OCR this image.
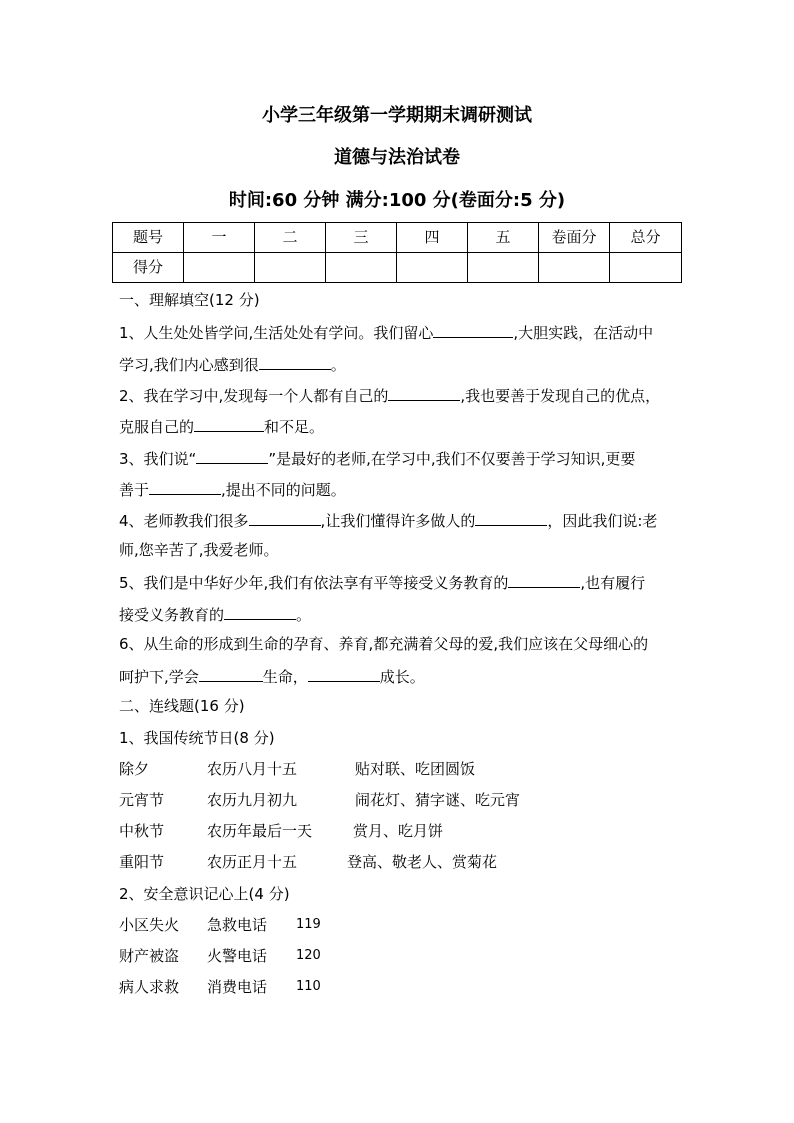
小学三年级第一学期期末调研测试
道德与法治试卷
时间:60 分钟 满分:100 分(卷面分:5 分)
题号	一	二	三	四	五	卷面分	总分
得分							
一、理解填空(12 分)
1、人生处处皆学问,生活处处有学问。我们留心	,大胆实践，在活动中
学习,我们内心感到很	。
2、我在学习中,发现每一个人都有自己的	,我也要善于发现自己的优点，
克服自己的	和不足。
3、我们说“	”是最好的老师,在学习中,我们不仅要善于学习知识,更要
善于	,提出不同的问题。
4、老师教我们很多	,让我们懂得许多做人的	，因此我们说:老
师,您辛苦了,我爱老师。
5、我们是中华好少年,我们有依法享有平等接受义务教育的	,也有履行
接受义务教育的	。
6、从生命的形成到生命的孕育、养育,都充满着父母的爱,我们应该在父母细心的
呵护下,学会	生命，	成长。
二、连线题(16 分)
1、我国传统节日(8 分)
除夕	农历八月十五	贴对联、吃团圆饭
元宵节	农历九月初九	闹花灯、猜字谜、吃元宵
中秋节	农历年最后一天	赏月、吃月饼
重阳节	农历正月十五	登高、敬老人、赏菊花
2、安全意识记心上(4 分)
小区失火 急救电话 119
财产被盗 火警电话 120
病人求救 消费电话 110
